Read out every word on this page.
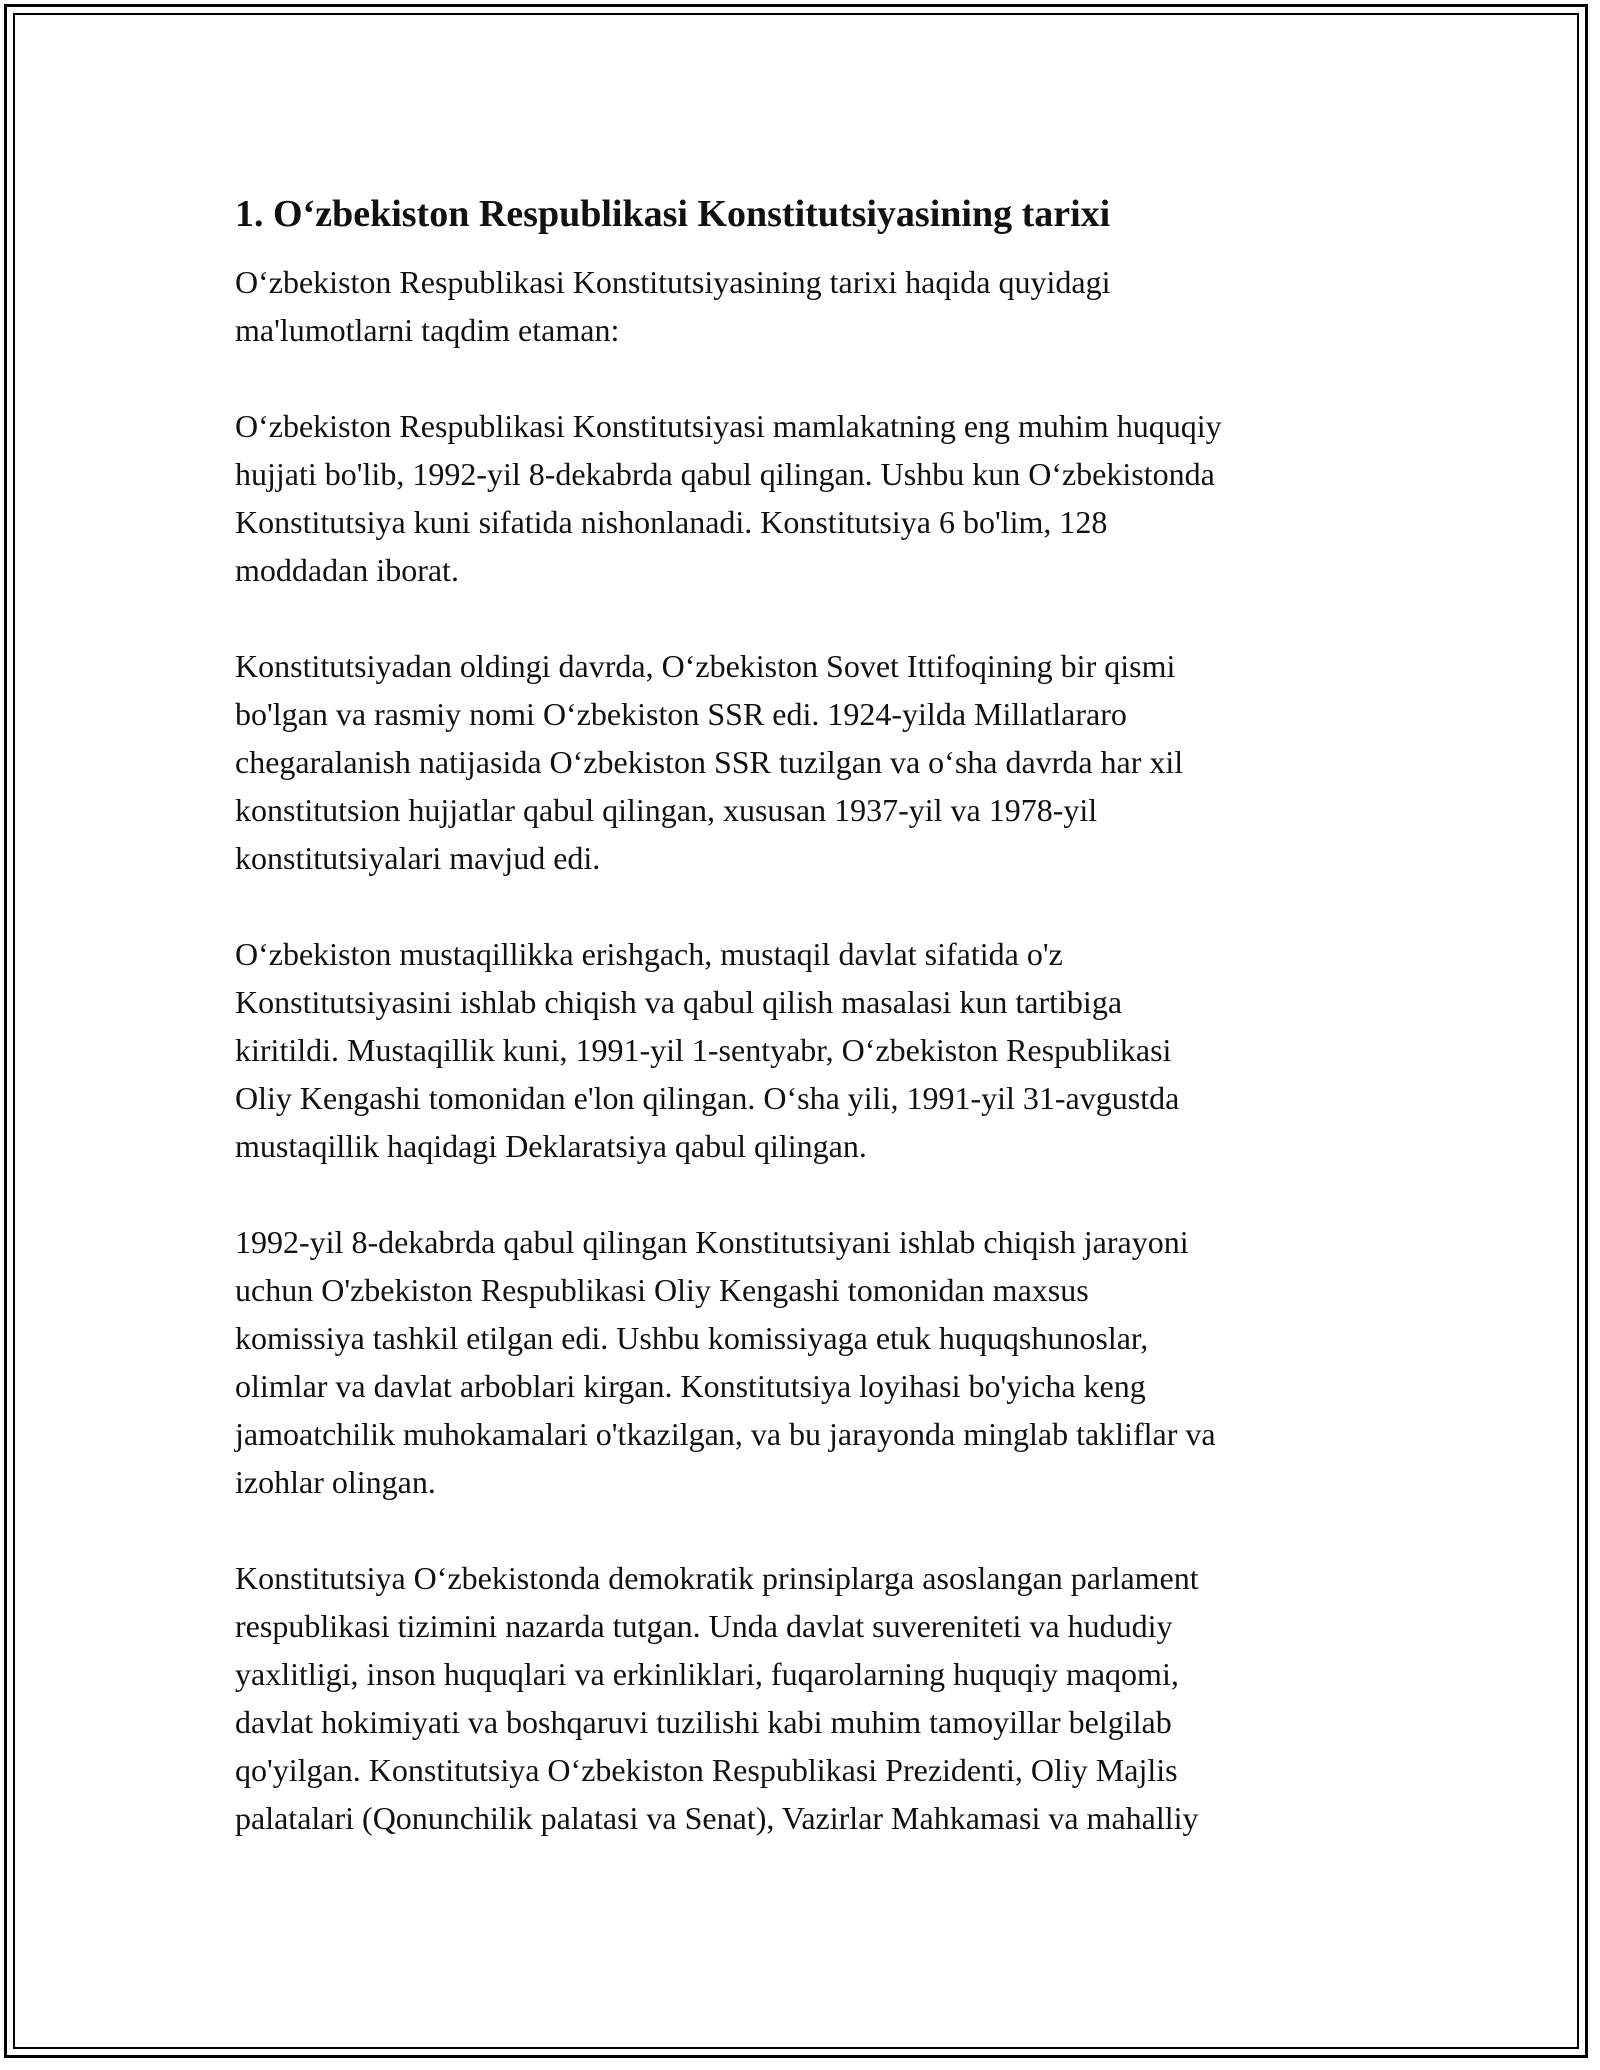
1. O‘zbekiston Respublikasi Konstitutsiyasining tarixi

O‘zbekiston Respublikasi Konstitutsiyasining tarixi haqida quyidagi
ma'lumotlarni taqdim etaman:

O‘zbekiston Respublikasi Konstitutsiyasi mamlakatning eng muhim huquqiy
hujjati bo'lib, 1992-yil 8-dekabrda qabul qilingan. Ushbu kun O‘zbekistonda
Konstitutsiya kuni sifatida nishonlanadi. Konstitutsiya 6 bo'lim, 128
moddadan iborat.

Konstitutsiyadan oldingi davrda, O‘zbekiston Sovet Ittifoqining bir qismi
bo'lgan va rasmiy nomi O‘zbekiston SSR edi. 1924-yilda Millatlararo
chegaralanish natijasida O‘zbekiston SSR tuzilgan va o‘sha davrda har xil
konstitutsion hujjatlar qabul qilingan, xususan 1937-yil va 1978-yil
konstitutsiyalari mavjud edi.

O‘zbekiston mustaqillikka erishgach, mustaqil davlat sifatida o'z
Konstitutsiyasini ishlab chiqish va qabul qilish masalasi kun tartibiga
kiritildi. Mustaqillik kuni, 1991-yil 1-sentyabr, O‘zbekiston Respublikasi
Oliy Kengashi tomonidan e'lon qilingan. O‘sha yili, 1991-yil 31-avgustda
mustaqillik haqidagi Deklaratsiya qabul qilingan.

1992-yil 8-dekabrda qabul qilingan Konstitutsiyani ishlab chiqish jarayoni
uchun O'zbekiston Respublikasi Oliy Kengashi tomonidan maxsus
komissiya tashkil etilgan edi. Ushbu komissiyaga etuk huquqshunoslar,
olimlar va davlat arboblari kirgan. Konstitutsiya loyihasi bo'yicha keng
jamoatchilik muhokamalari o'tkazilgan, va bu jarayonda minglab takliflar va
izohlar olingan.

Konstitutsiya O‘zbekistonda demokratik prinsiplarga asoslangan parlament
respublikasi tizimini nazarda tutgan. Unda davlat suvereniteti va hududiy
yaxlitligi, inson huquqlari va erkinliklari, fuqarolarning huquqiy maqomi,
davlat hokimiyati va boshqaruvi tuzilishi kabi muhim tamoyillar belgilab
qo'yilgan. Konstitutsiya O‘zbekiston Respublikasi Prezidenti, Oliy Majlis
palatalari (Qonunchilik palatasi va Senat), Vazirlar Mahkamasi va mahalliy
